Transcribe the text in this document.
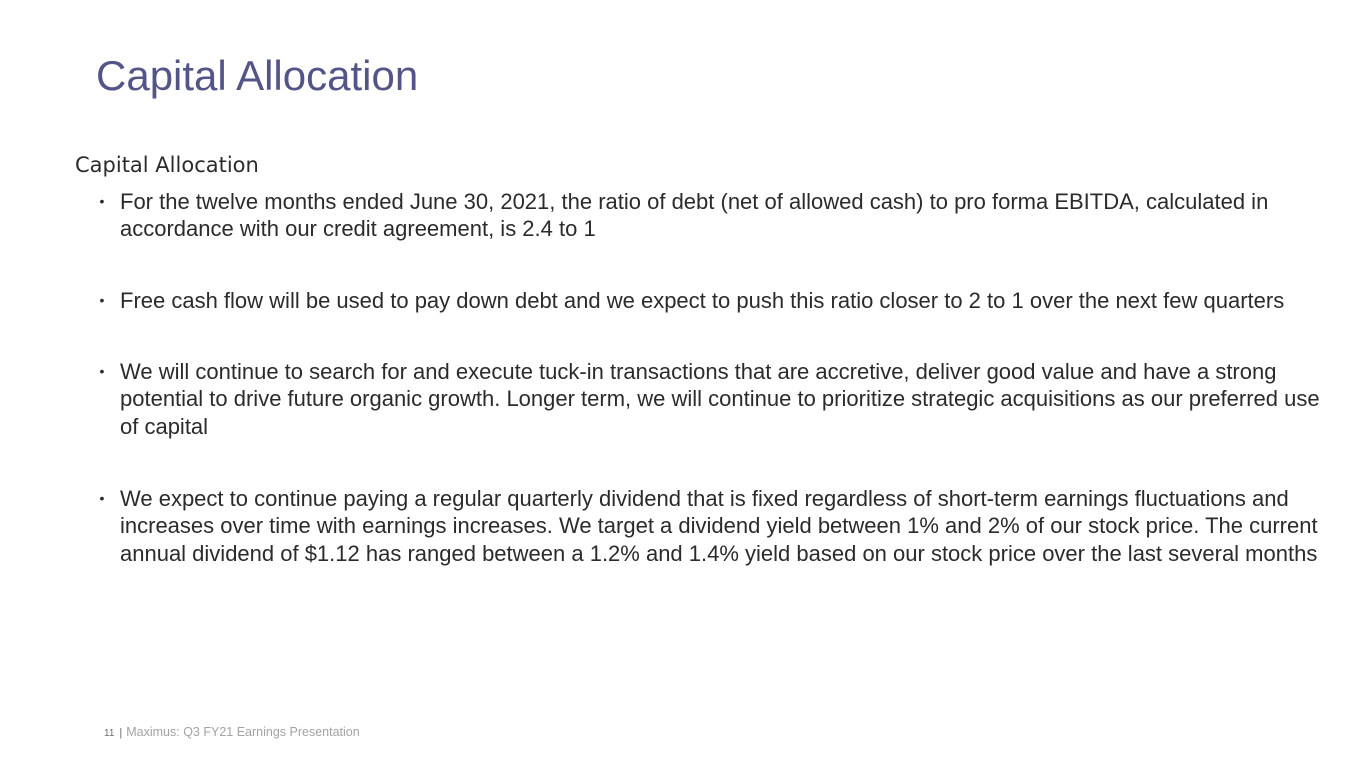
Capital Allocation
Capital Allocation
• For the twelve months ended June 30, 2021, the ratio of debt (net of allowed cash) to pro forma EBITDA, calculated in accordance with our credit agreement, is 2.4 to 1
• Free cash flow will be used to pay down debt and we expect to push this ratio closer to 2 to 1 over the next few quarters
• We will continue to search for and execute tuck-in transactions that are accretive, deliver good value and have a strong potential to drive future organic growth. Longer term, we will continue to prioritize strategic acquisitions as our preferred use of capital
• We expect to continue paying a regular quarterly dividend that is fixed regardless of short-term earnings fluctuations and increases over time with earnings increases. We target a dividend yield between 1% and 2% of our stock price. The current annual dividend of $1.12 has ranged between a 1.2% and 1.4% yield based on our stock price over the last several months
11 | Maximus: Q3 FY21 Earnings Presentation
